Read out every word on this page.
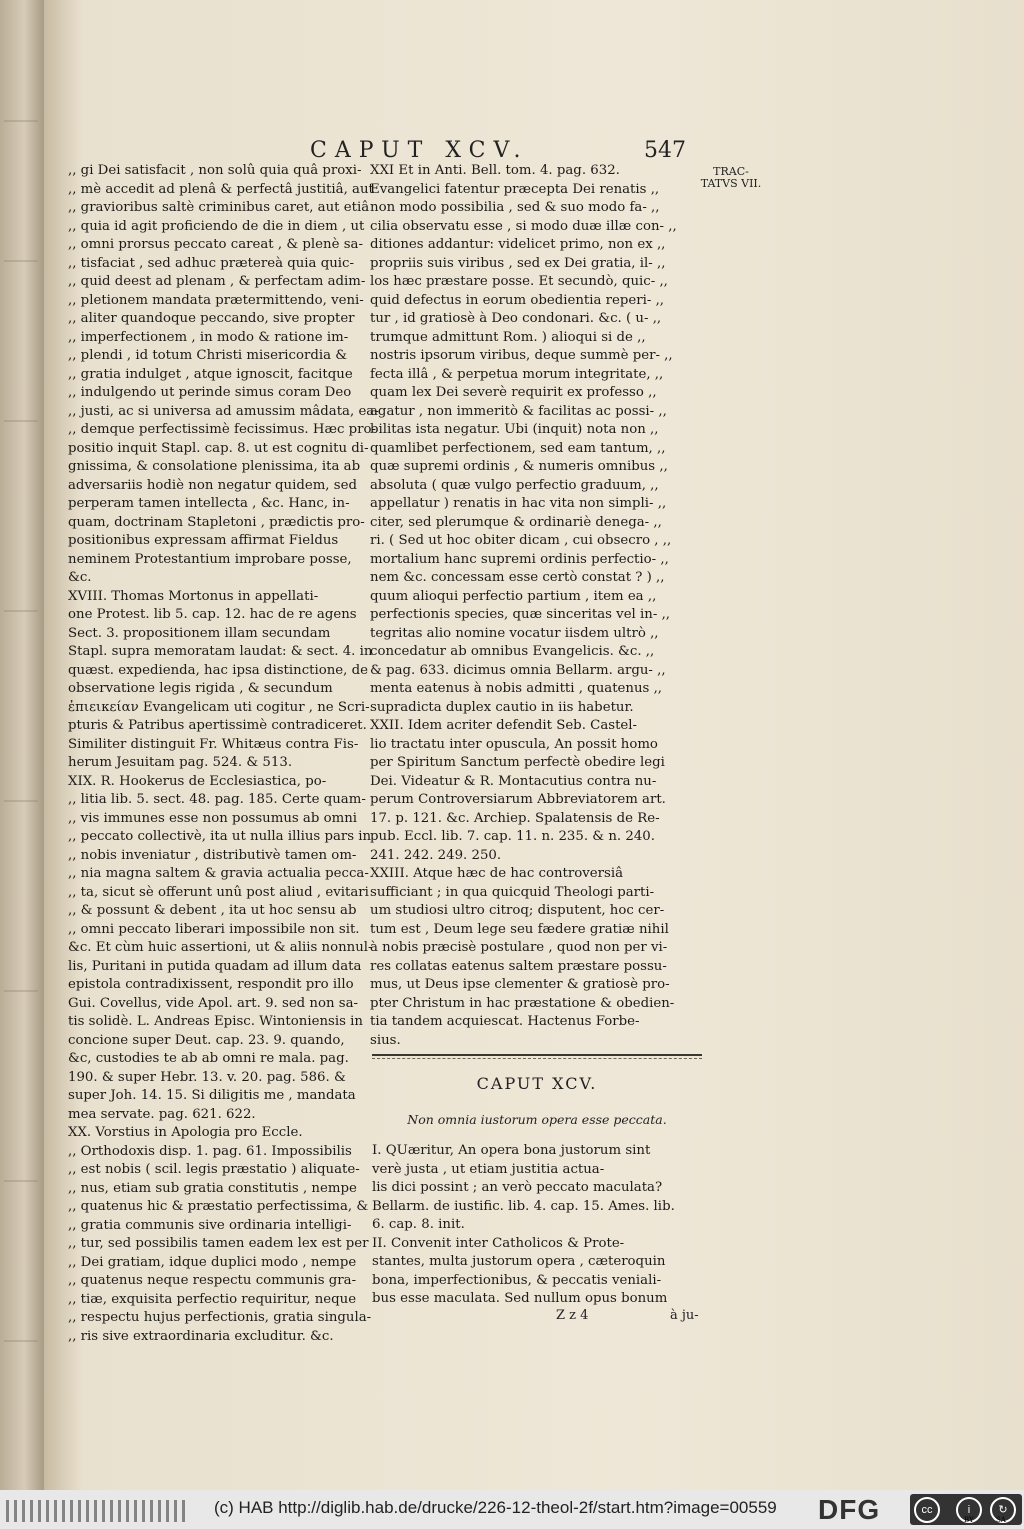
CAPUT XCV.	547
TRAC-TATVS VII.
,, gi Dei satisfacit , non solû quia quâ proxi-
,, mè accedit ad plenâ & perfectâ justitiâ, aut
,, gravioribus saltè criminibus caret, aut etiâ
,, quia id agit proficiendo de die in diem , ut
,, omni prorsus peccato careat , & plenè sa-
,, tisfaciat , sed adhuc prætereà quia quic-
,, quid deest ad plenam , & perfectam adim-
,, pletionem mandata prætermittendo, veni-
,, aliter quandoque peccando, sive propter
,, imperfectionem , in modo & ratione im-
,, plendi , id totum Christi misericordia &
,, gratia indulget , atque ignoscit, facitque
,, indulgendo ut perinde simus coram Deo
,, justi, ac si universa ad amussim mâdata, ea-
,, demque perfectissimè fecissimus. Hæc pro-
positio inquit Stapl. cap. 8. ut est cognitu di-
gnissima, & consolatione plenissima, ita ab
adversariis hodiè non negatur quidem, sed
perperam tamen intellecta , &c. Hanc, in-
quam, doctrinam Stapletoni , prædictis pro-
positionibus expressam affirmat Fieldus
neminem Protestantium improbare posse,
&c.
XVIII. Thomas Mortonus in appellati-
one Protest. lib 5. cap. 12. hac de re agens
Sect. 3. propositionem illam secundam
Stapl. supra memoratam laudat: & sect. 4. in
quæst. expedienda, hac ipsa distinctione, de
observatione legis rigida , & secundum
ἐπιεικείαν Evangelicam uti cogitur , ne Scri-
pturis & Patribus apertissimè contradiceret.
Similiter distinguit Fr. Whitæus contra Fis-
herum Jesuitam pag. 524. & 513.
XIX. R. Hookerus de Ecclesiastica, po-
,, litia lib. 5. sect. 48. pag. 185. Certe quam-
,, vis immunes esse non possumus ab omni
,, peccato collectivè, ita ut nulla illius pars in
,, nobis inveniatur , distributivè tamen om-
,, nia magna saltem & gravia actualia pecca-
,, ta, sicut sè offerunt unû post aliud , evitari
,, & possunt & debent , ita ut hoc sensu ab
,, omni peccato liberari impossibile non sit.
&c. Et cùm huic assertioni, ut & aliis nonnul-
lis, Puritani in putida quadam ad illum data
epistola contradixissent, respondit pro illo
Gui. Covellus, vide Apol. art. 9. sed non sa-
tis solidè. L. Andreas Episc. Wintoniensis in
concione super Deut. cap. 23. 9. quando,
&c, custodies te ab ab omni re mala. pag.
190. & super Hebr. 13. v. 20. pag. 586. &
super Joh. 14. 15. Si diligitis me , mandata
mea servate. pag. 621. 622.
XX. Vorstius in Apologia pro Eccle.
,, Orthodoxis disp. 1. pag. 61. Impossibilis
,, est nobis ( scil. legis præstatio ) aliquate-
,, nus, etiam sub gratia constitutis , nempe
,, quatenus hic & præstatio perfectissima, &
,, gratia communis sive ordinaria intelligi-
,, tur, sed possibilis tamen eadem lex est per
,, Dei gratiam, idque duplici modo , nempe
,, quatenus neque respectu communis gra-
,, tiæ, exquisita perfectio requiritur, neque
,, respectu hujus perfectionis, gratia singula-
,, ris sive extraordinaria excluditur. &c.
XXI Et in Anti. Bell. tom. 4. pag. 632.
Evangelici fatentur præcepta Dei renatis ,,
non modo possibilia , sed & suo modo fa- ,,
cilia observatu esse , si modo duæ illæ con- ,,
ditiones addantur: videlicet primo, non ex ,,
propriis suis viribus , sed ex Dei gratia, il- ,,
los hæc præstare posse. Et secundò, quic- ,,
quid defectus in eorum obedientia reperi- ,,
tur , id gratiosè à Deo condonari. &c. ( u- ,,
trumque admittunt Rom. ) alioqui si de ,,
nostris ipsorum viribus, deque summè per- ,,
fecta illâ , & perpetua morum integritate, ,,
quam lex Dei severè requirit ex professo ,,
agatur , non immeritò & facilitas ac possi- ,,
bilitas ista negatur. Ubi (inquit) nota non ,,
quamlibet perfectionem, sed eam tantum, ,,
quæ supremi ordinis , & numeris omnibus ,,
absoluta ( quæ vulgo perfectio graduum, ,,
appellatur ) renatis in hac vita non simpli- ,,
citer, sed plerumque & ordinariè denega- ,,
ri. ( Sed ut hoc obiter dicam , cui obsecro , ,,
mortalium hanc supremi ordinis perfectio- ,,
nem &c. concessam esse certò constat ? ) ,,
quum alioqui perfectio partium , item ea ,,
perfectionis species, quæ sinceritas vel in- ,,
tegritas alio nomine vocatur iisdem ultrò ,,
concedatur ab omnibus Evangelicis. &c. ,,
& pag. 633. dicimus omnia Bellarm. argu- ,,
menta eatenus à nobis admitti , quatenus ,,
supradicta duplex cautio in iis habetur.
XXII. Idem acriter defendit Seb. Castel-
lio tractatu inter opuscula, An possit homo
per Spiritum Sanctum perfectè obedire legi
Dei. Videatur & R. Montacutius contra nu-
perum Controversiarum Abbreviatorem art.
17. p. 121. &c. Archiep. Spalatensis de Re-
pub. Eccl. lib. 7. cap. 11. n. 235. & n. 240.
241. 242. 249. 250.
XXIII. Atque hæc de hac controversiâ
sufficiant ; in qua quicquid Theologi parti-
um studiosi ultro citroq; disputent, hoc cer-
tum est , Deum lege seu fædere gratiæ nihil
à nobis præcisè postulare , quod non per vi-
res collatas eatenus saltem præstare possu-
mus, ut Deus ipse clementer & gratiosè pro-
pter Christum in hac præstatione & obedien-
tia tandem acquiescat. Hactenus Forbe-
sius.
CAPUT XCV.
Non omnia iustorum opera esse peccata.
I. QUæritur, An opera bona justorum sint
verè justa , ut etiam justitia actua-
lis dici possint ; an verò peccato maculata?
Bellarm. de iustific. lib. 4. cap. 15. Ames. lib.
6. cap. 8. init.
II. Convenit inter Catholicos & Prote-
stantes, multa justorum opera , cæteroquin
bona, imperfectionibus, & peccatis veniali-
bus esse maculata. Sed nullum opus bonum
Z z 4	à ju-
(c) HAB http://diglib.hab.de/drucke/226-12-theol-2f/start.htm?image=00559 DFG	cc	i	↻
BY	SA
